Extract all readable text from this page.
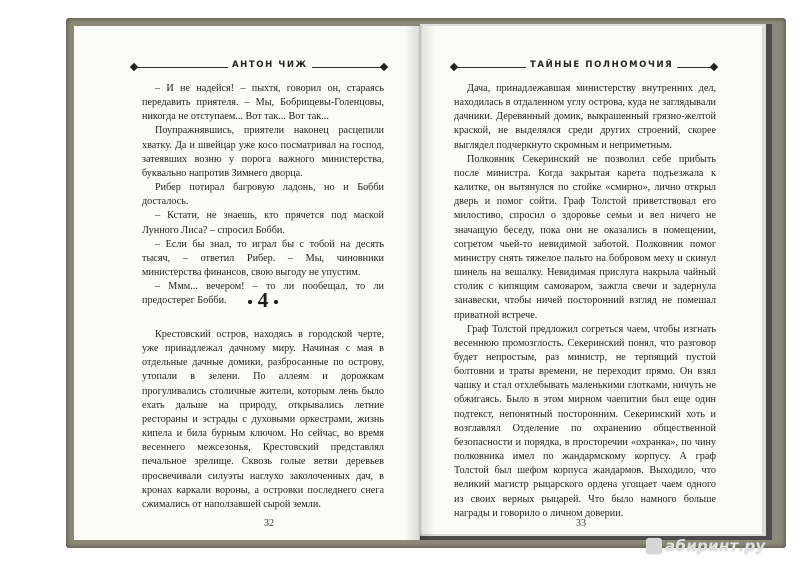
АНТОН ЧИЖ

– И не надейся! – пыхтя, говорил он, стараясь передавить приятеля. – Мы, Бобрищевы-Голенцовы, никогда не отступаем... Вот так... Вот так...

Поупражнявшись, приятели наконец расцепили хватку. Да и швейцар уже косо посматривал на господ, затеявших возню у порога важного министерства, буквально напротив Зимнего дворца.

Рибер потирал багровую ладонь, но и Бобби досталось.

– Кстати, не знаешь, кто прячется под маской Лунного Лиса? – спросил Бобби.

– Если бы знал, то играл бы с тобой на десять тысяч, – ответил Рибер. – Мы, чиновники министерства финансов, свою выгоду не упустим.

– Ммм... вечером! – то ли пообещал, то ли предостерег Бобби.	4

Крестовский остров, находясь в городской черте, уже принадлежал дачному миру. Начиная с мая в отдельные дачные домики, разбросанные по острову, утопали в зелени. По аллеям и дорожкам прогуливались столичные жители, которым лень было ехать дальше на природу, открывались летние рестораны и эстрады с духовыми оркестрами, жизнь кипела и била бурным ключом. Но сейчас, во время весеннего межсезонья, Крестовский представлял печальное зрелище. Сквозь голые ветви деревьев просвечивали силуэты наглухо заколоченных дач, в кронах каркали вороны, а островки последнего снега сжимались от наползавшей сырой земли.

32
ТАЙНЫЕ ПОЛНОМОЧИЯ

Дача, принадлежавшая министерству внутренних дел, находилась в отдаленном углу острова, куда не заглядывали дачники. Деревянный домик, выкрашенный грязно-желтой краской, не выделялся среди других строений, скорее выглядел подчеркнуто скромным и неприметным.

Полковник Секеринский не позволил себе прибыть после министра. Когда закрытая карета подъезжала к калитке, он вытянулся по стойке «смирно», лично открыл дверь и помог сойти. Граф Толстой приветствовал его милостиво, спросил о здоровье семьи и вел ничего не значащую беседу, пока они не оказались в помещении, согретом чьей-то невидимой заботой. Полковник помог министру снять тяжелое пальто на бобровом меху и скинул шинель на вешалку. Невидимая прислуга накрыла чайный столик с кипящим самоваром, зажгла свечи и задернула занавески, чтобы ничей посторонний взгляд не помешал приватной встрече.

Граф Толстой предложил согреться чаем, чтобы изгнать весеннюю промозглость. Секеринский понял, что разговор будет непростым, раз министр, не терпящий пустой болтовни и траты времени, не переходит прямо. Он взял чашку и стал отхлебывать маленькими глотками, ничуть не обжигаясь. Было в этом мирном чаепитии был еще один подтекст, непонятный посторонним. Секеринский хоть и возглавлял Отделение по охранению общественной безопасности и порядка, в просторечии «охранка», по чину полковника имел по жандармскому корпусу. А граф Толстой был шефом корпуса жандармов. Выходило, что великий магистр рыцарского ордена угощает чаем одного из своих верных рыцарей. Что было намного больше награды и говорило о личном доверии.

33
абиринт.ру
